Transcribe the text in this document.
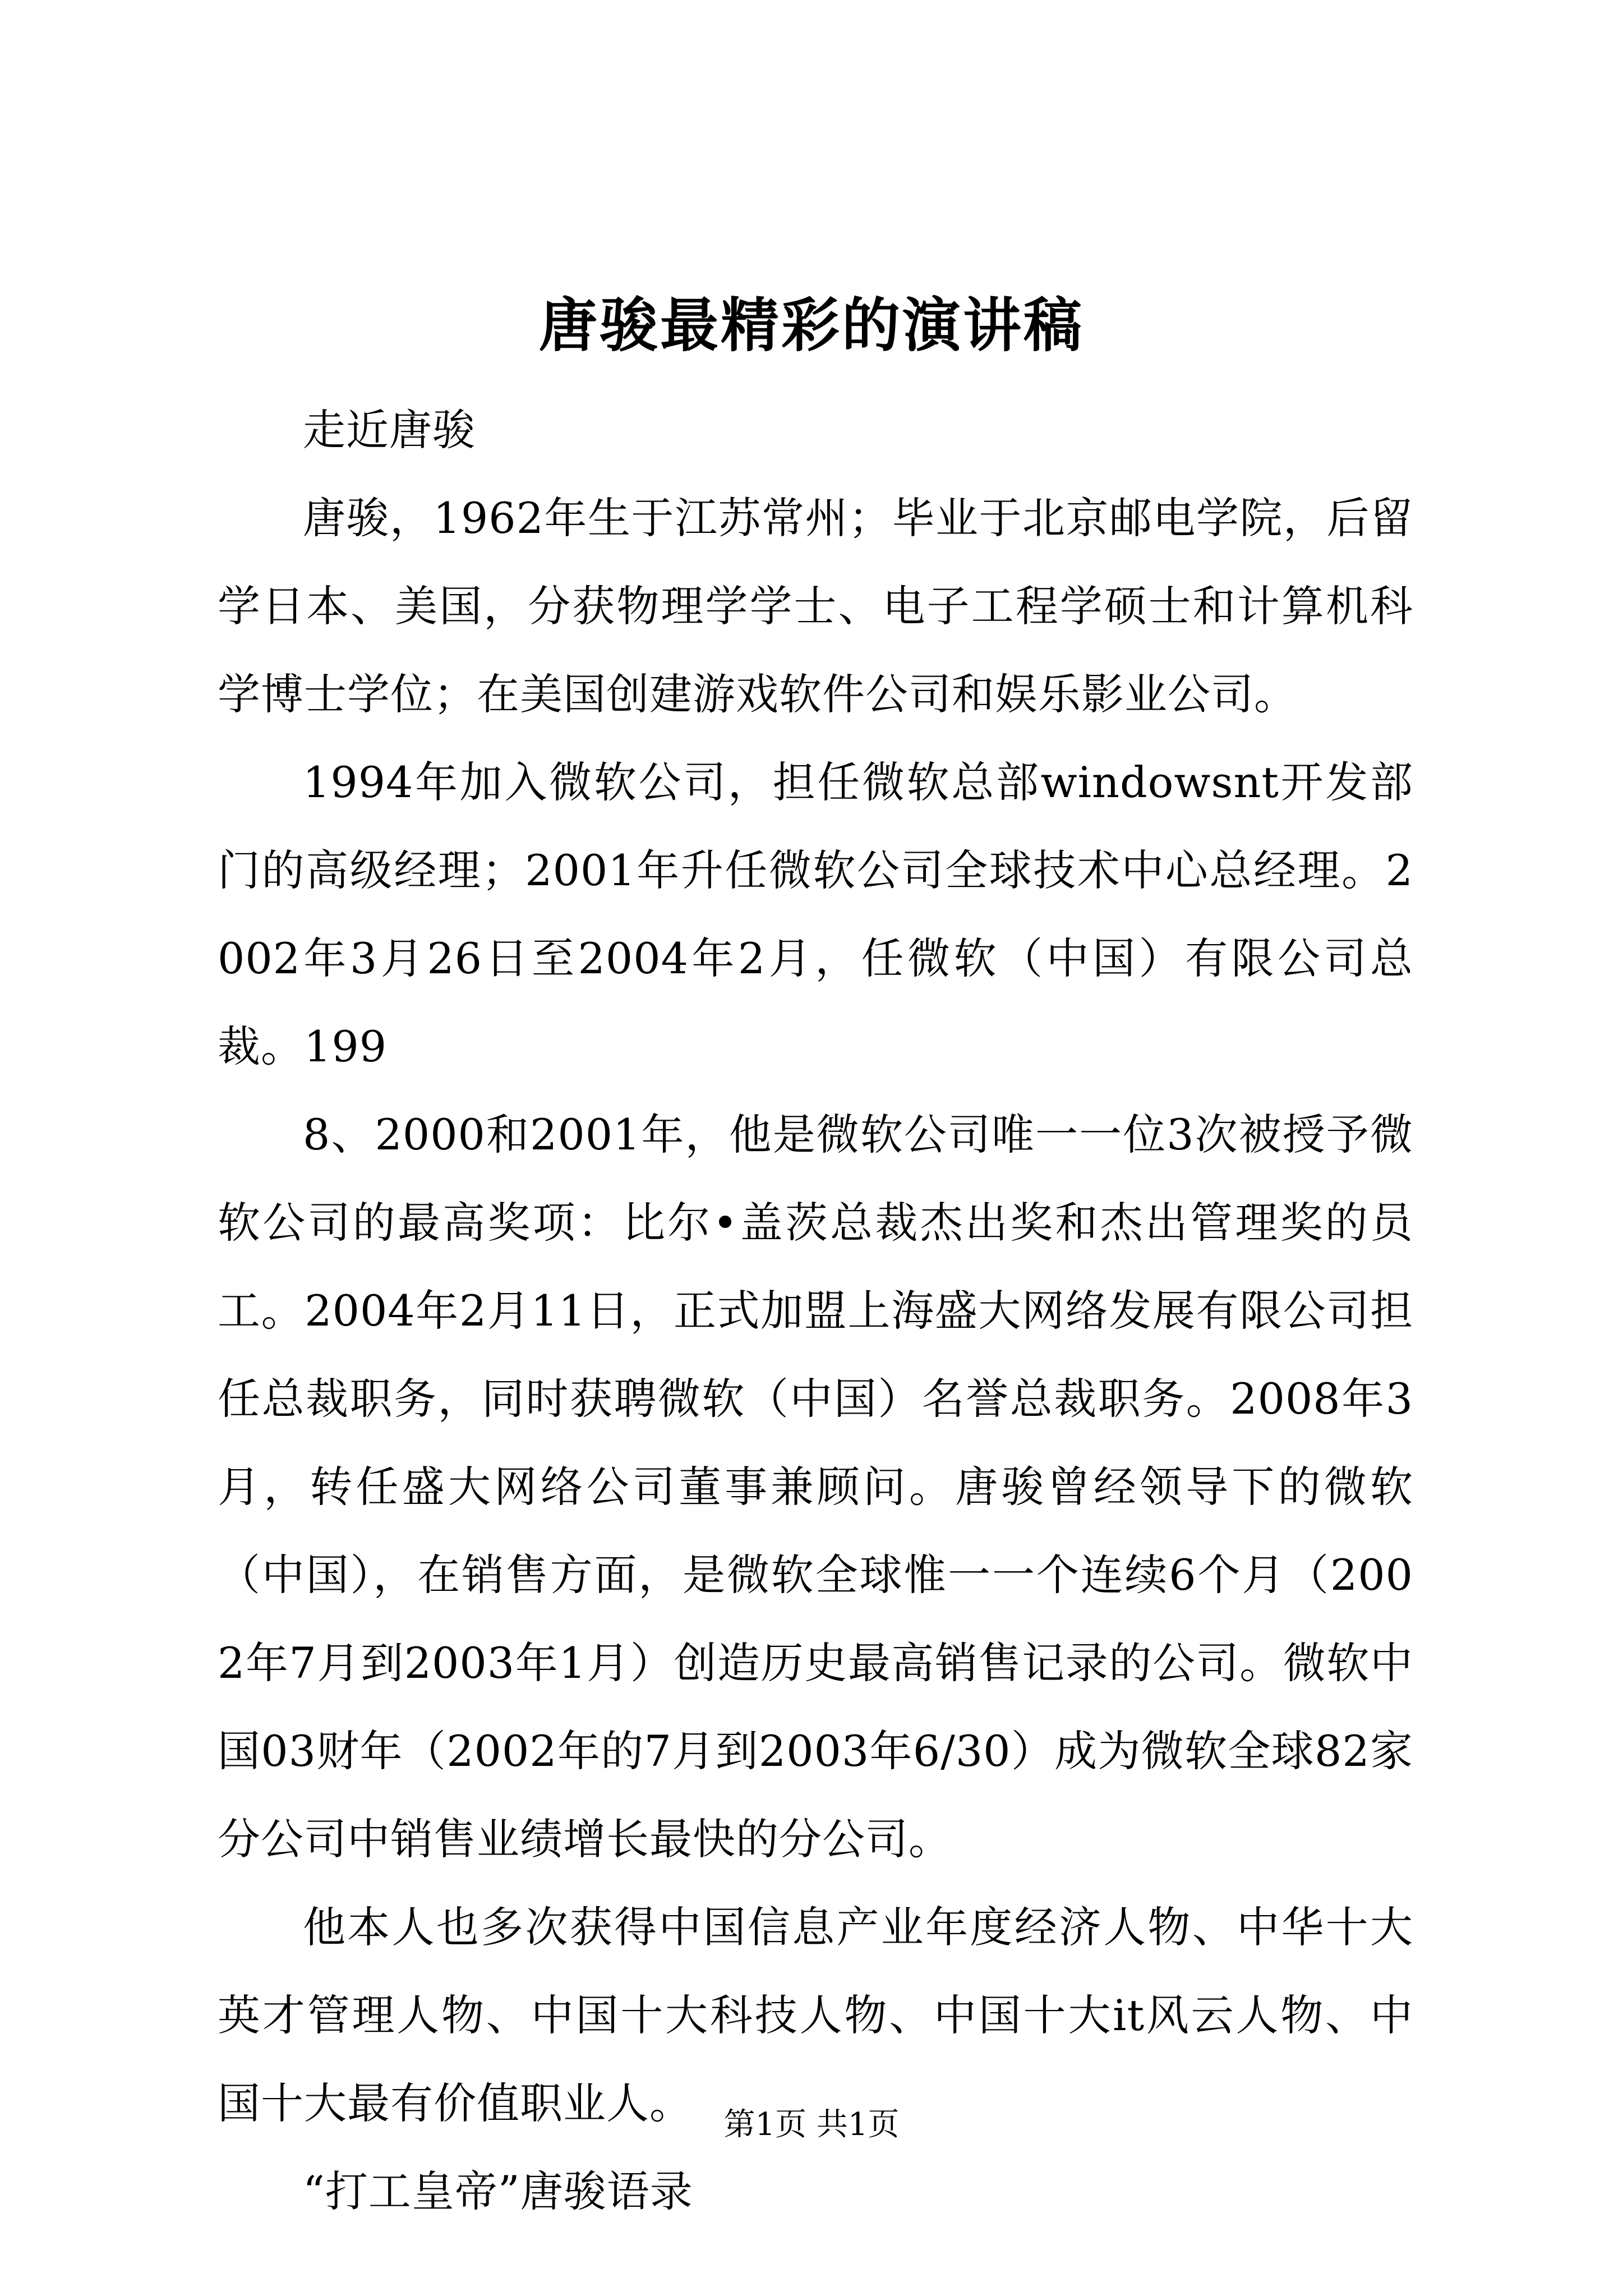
唐骏最精彩的演讲稿

走近唐骏

唐骏，1962年生于江苏常州；毕业于北京邮电学院，后留学日本、美国，分获物理学学士、电子工程学硕士和计算机科学博士学位；在美国创建游戏软件公司和娱乐影业公司。

1994年加入微软公司，担任微软总部windowsnt开发部门的高级经理；2001年升任微软公司全球技术中心总经理。2002年3月26日至2004年2月，任微软（中国）有限公司总裁。199

8、2000和2001年，他是微软公司唯一一位3次被授予微软公司的最高奖项：比尔•盖茨总裁杰出奖和杰出管理奖的员工。2004年2月11日，正式加盟上海盛大网络发展有限公司担任总裁职务，同时获聘微软（中国）名誉总裁职务。2008年3月，转任盛大网络公司董事兼顾问。唐骏曾经领导下的微软（中国），在销售方面，是微软全球惟一一个连续6个月（2002年7月到2003年1月）创造历史最高销售记录的公司。微软中国03财年（2002年的7月到2003年6/30）成为微软全球82家分公司中销售业绩增长最快的分公司。

他本人也多次获得中国信息产业年度经济人物、中华十大英才管理人物、中国十大科技人物、中国十大it风云人物、中国十大最有价值职业人。

“打工皇帝”唐骏语录

第1页 共1页
